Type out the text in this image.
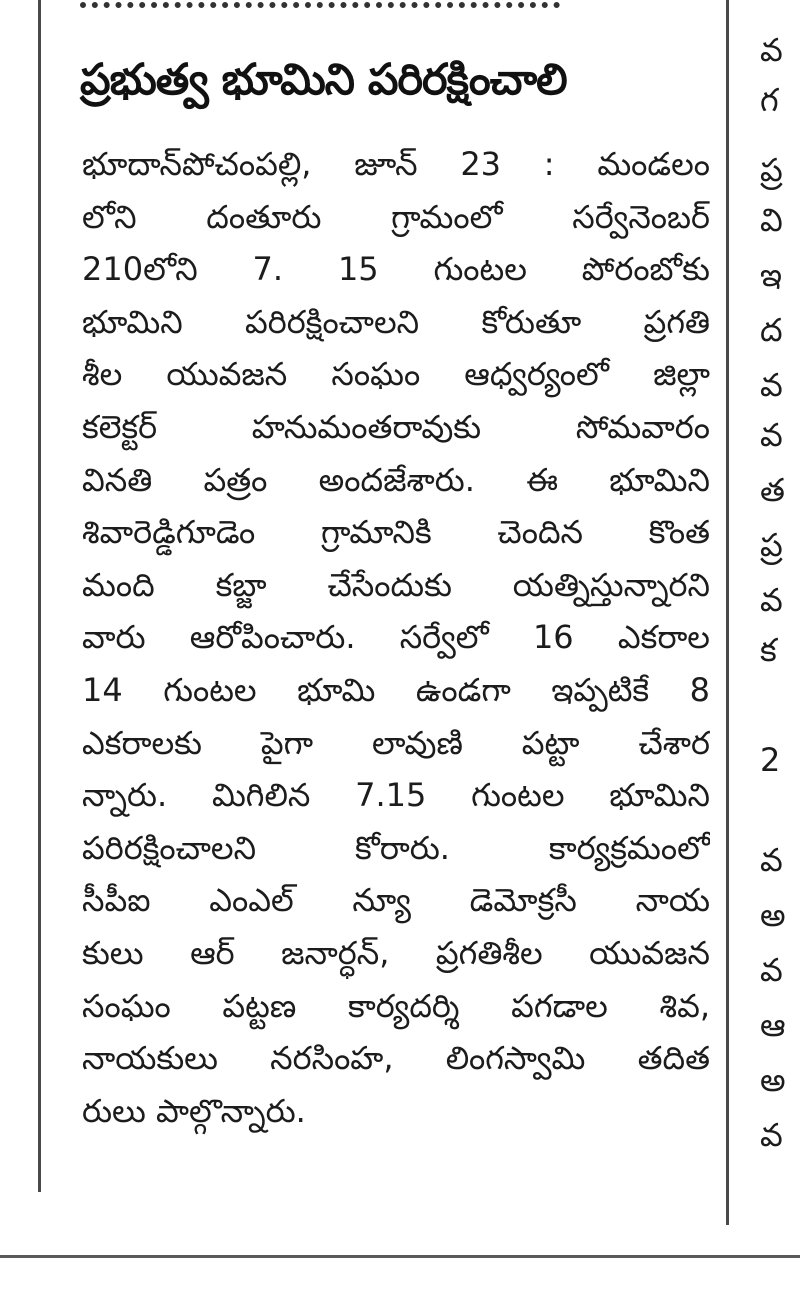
ప్రభుత్వ భూమిని పరిరక్షించాలి
భూదాన్‌పోచంపల్లి, జూన్ 23 : మండలం
లోని దంతూరు గ్రామంలో సర్వేనెంబర్
210లోని 7. 15 గుంటల పోరంబోకు
భూమిని పరిరక్షించాలని కోరుతూ ప్రగతి
శీల యువజన సంఘం ఆధ్వర్యంలో జిల్లా
కలెక్టర్ హనుమంతరావుకు సోమవారం
వినతి పత్రం అందజేశారు. ఈ భూమిని
శివారెడ్డిగూడెం గ్రామానికి చెందిన కొంత
మంది కబ్జా చేసేందుకు యత్నిస్తున్నారని
వారు ఆరోపించారు. సర్వేలో 16 ఎకరాల
14 గుంటల భూమి ఉండగా ఇప్పటికే 8
ఎకరాలకు పైగా లావుణి పట్టా చేశార
న్నారు. మిగిలిన 7.15 గుంటల భూమిని
పరిరక్షించాలని కోరారు. కార్యక్రమంలో
సీపీఐ ఎంఎల్ న్యూ డెమోక్రసీ నాయ
కులు ఆర్ జనార్ధన్, ప్రగతిశీల యువజన
సంఘం పట్టణ కార్యదర్శి పగడాల శివ,
నాయకులు నరసింహ, లింగస్వామి తదిత
రులు పాల్గొన్నారు.
వ
గ
ప్ర
వి
ఇ
ద
వ
వ
త
ప్ర
వ
క
2
వ
అ
వ
ఆ
అ
వ
